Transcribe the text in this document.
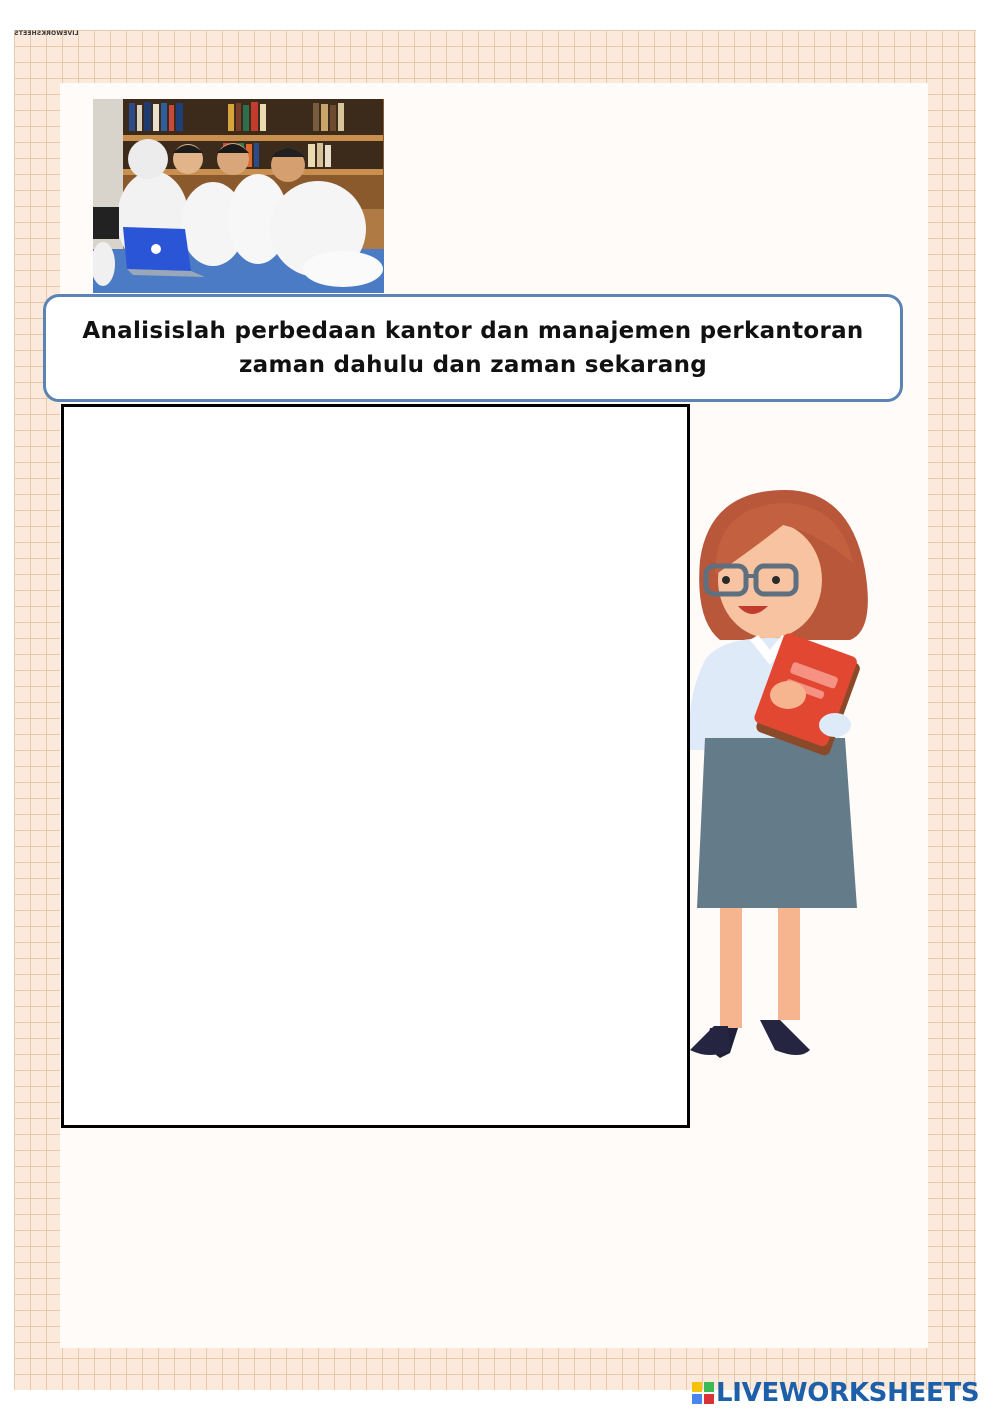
LIVEWORKSHEETS
Analisislah perbedaan kantor dan manajemen perkantoran
zaman dahulu dan zaman sekarang
LIVEWORKSHEETS
